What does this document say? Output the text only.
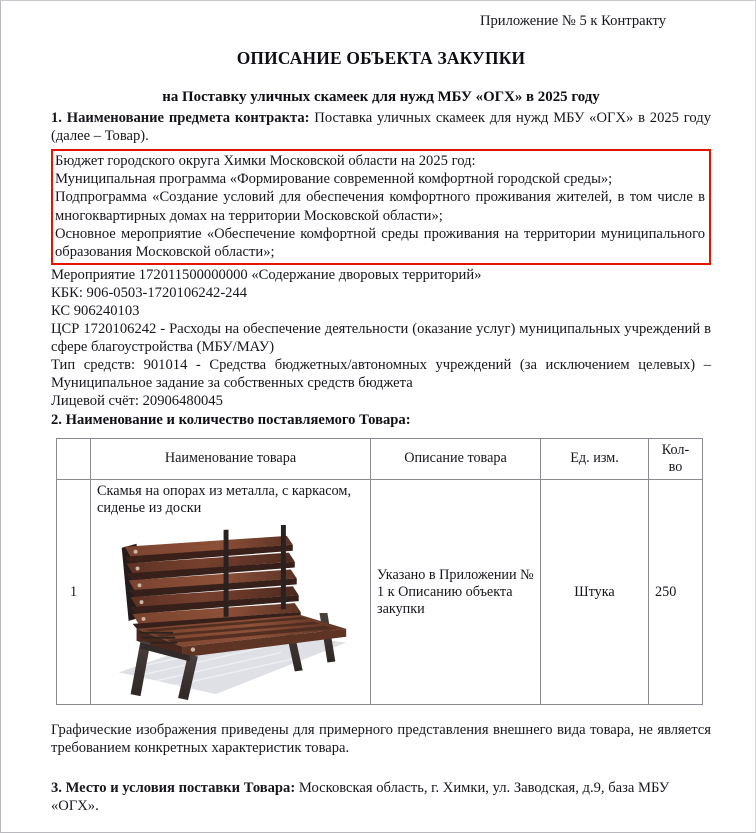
Приложение № 5 к Контракту
ОПИСАНИЕ ОБЪЕКТА ЗАКУПКИ
на Поставку уличных скамеек для нужд МБУ «ОГХ» в 2025 году
1. Наименование предмета контракта: Поставка уличных скамеек для нужд МБУ «ОГХ» в 2025 году (далее – Товар).
Бюджет городского округа Химки Московской области на 2025 год:
Муниципальная программа «Формирование современной комфортной городской среды»;
Подпрограмма «Создание условий для обеспечения комфортного проживания жителей, в том числе в многоквартирных домах на территории Московской области»;
Основное мероприятие «Обеспечение комфортной среды проживания на территории муниципального образования Московской области»;
Мероприятие 172011500000000 «Содержание дворовых территорий»
КБК: 906-0503-1720106242-244
КС 906240103
ЦСР 1720106242 - Расходы на обеспечение деятельности (оказание услуг) муниципальных учреждений в сфере благоустройства (МБУ/МАУ)
Тип средств: 901014 - Средства бюджетных/автономных учреждений (за исключением целевых) – Муниципальное задание за собственных средств бюджета
Лицевой счёт: 20906480045
2. Наименование и количество поставляемого Товара:
	Наименование товара	Описание товара	Ед. изм.	Кол-во
1	Скамья на опорах из металла, с каркасом, сиденье из доски	Указано в Приложении № 1 к Описанию объекта закупки	Штука	250
Графические изображения приведены для примерного представления внешнего вида товара, не является требованием конкретных характеристик товара.
3. Место и условия поставки Товара: Московская область, г. Химки, ул. Заводская, д.9, база МБУ «ОГХ».
